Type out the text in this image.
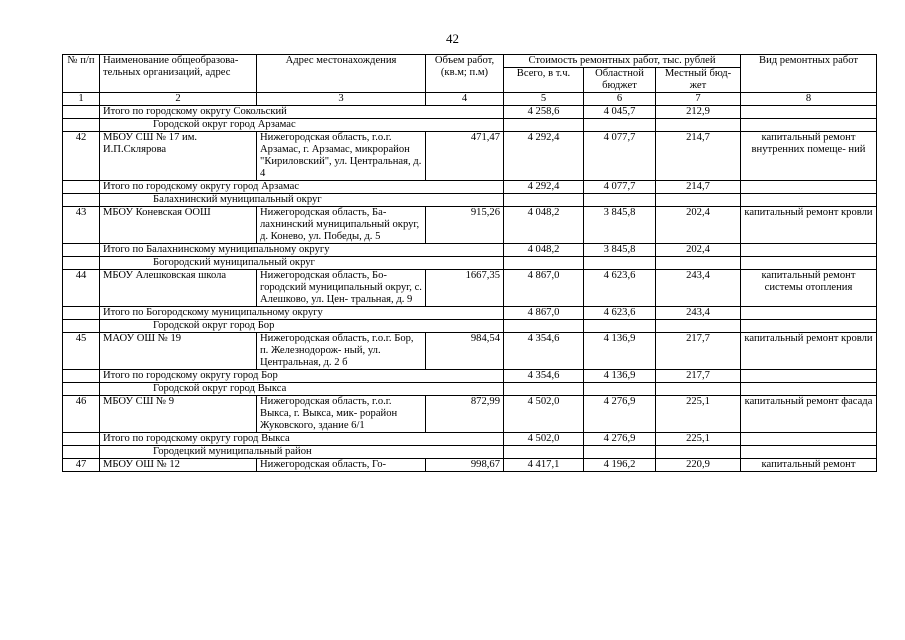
42
№ п/п	Наименование общеобразова- тельных организаций, адрес	Адрес местонахождения	Объем работ, (кв.м; п.м)	Стоимость ремонтных работ, тыс. рублей			Вид ремонтных работ
				Всего, в т.ч.	Областной бюджет	Местный бюд- жет	
1	2	3	4	5	6	7	8
	Итого по городскому округу Сокольский			4 258,6	4 045,7	212,9	
	Городской округ город Арзамас						
42	МБОУ СШ № 17 им. И.П.Склярова	Нижегородская область, г.о.г. Арзамас, г. Арзамас, микрорайон "Кириловский", ул. Центральная, д. 4	471,47	4 292,4	4 077,7	214,7	капитальный ремонт внутренних помеще- ний
	Итого по городскому округу город Арзамас			4 292,4	4 077,7	214,7	
	Балахнинский муниципальный округ						
43	МБОУ Коневская ООШ	Нижегородская область, Ба- лахнинский муниципальный округ, д. Конево, ул. Победы, д. 5	915,26	4 048,2	3 845,8	202,4	капитальный ремонт кровли
	Итого по Балахнинскому муниципальному округу			4 048,2	3 845,8	202,4	
	Богородский муниципальный округ						
44	МБОУ Алешковская школа	Нижегородская область, Бо- городский муниципальный округ, с. Алешково, ул. Цен- тральная, д. 9	1667,35	4 867,0	4 623,6	243,4	капитальный ремонт системы отопления
	Итого по Богородскому муниципальному округу			4 867,0	4 623,6	243,4	
	Городской округ город Бор						
45	МАОУ ОШ № 19	Нижегородская область, г.о.г. Бор, п. Железнодорож- ный, ул. Центральная, д. 2 б	984,54	4 354,6	4 136,9	217,7	капитальный ремонт кровли
	Итого по городскому округу город Бор			4 354,6	4 136,9	217,7	
	Городской округ город Выкса						
46	МБОУ СШ № 9	Нижегородская область, г.о.г. Выкса, г. Выкса, мик- рорайон Жуковского, здание 6/1	872,99	4 502,0	4 276,9	225,1	капитальный ремонт фасада
	Итого по городскому округу город Выкса			4 502,0	4 276,9	225,1	
	Городецкий муниципальный район						
47	МБОУ ОШ № 12	Нижегородская область, Го-	998,67	4 417,1	4 196,2	220,9	капитальный ремонт
